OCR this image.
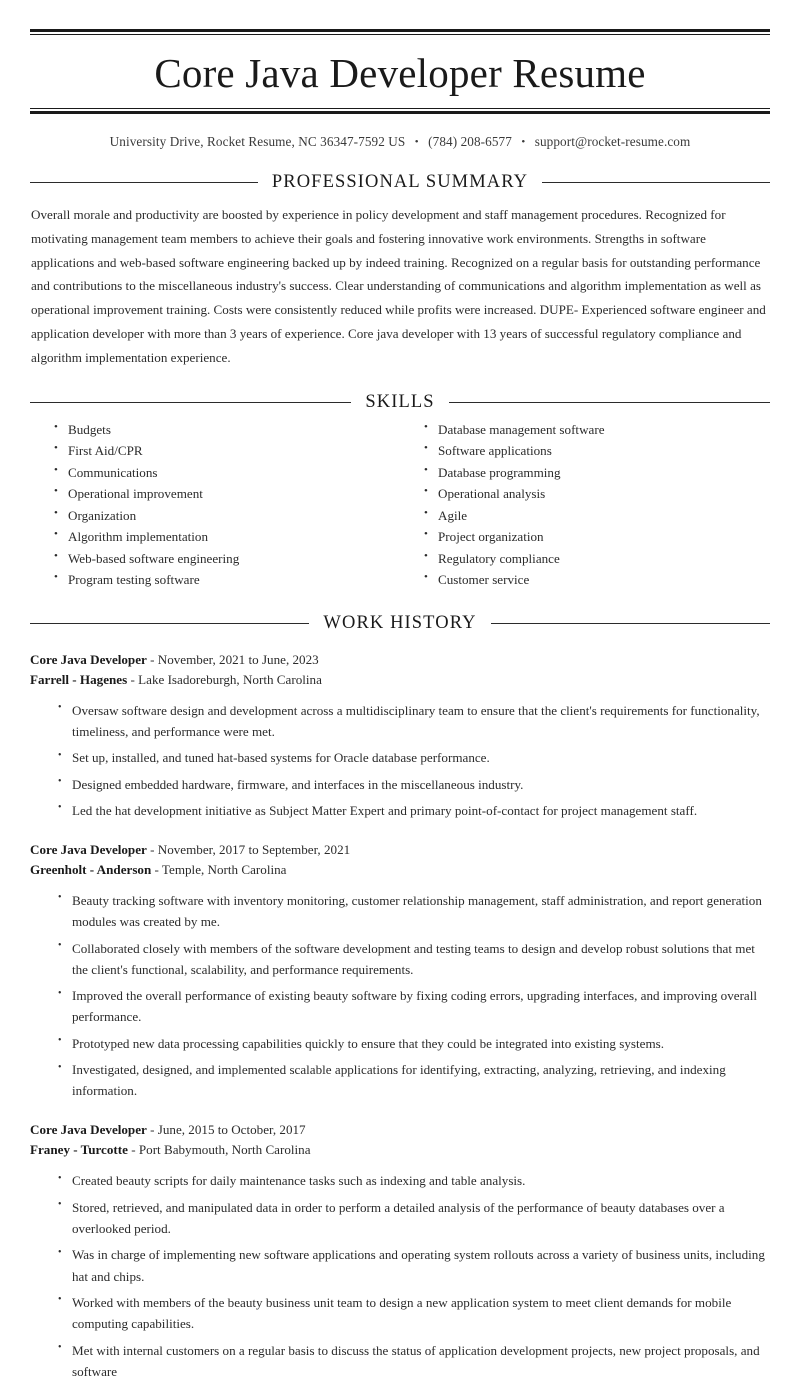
Core Java Developer Resume
University Drive, Rocket Resume, NC 36347-7592 US • (784) 208-6577 • support@rocket-resume.com
PROFESSIONAL SUMMARY

Overall morale and productivity are boosted by experience in policy development and staff management procedures. Recognized for motivating management team members to achieve their goals and fostering innovative work environments. Strengths in software applications and web-based software engineering backed up by indeed training. Recognized on a regular basis for outstanding performance and contributions to the miscellaneous industry's success. Clear understanding of communications and algorithm implementation as well as operational improvement training. Costs were consistently reduced while profits were increased. DUPE- Experienced software engineer and application developer with more than 3 years of experience. Core java developer with 13 years of successful regulatory compliance and algorithm implementation experience.

SKILLS
• Budgets
• First Aid/CPR
• Communications
• Operational improvement
• Organization
• Algorithm implementation
• Web-based software engineering
• Program testing software
• Database management software
• Software applications
• Database programming
• Operational analysis
• Agile
• Project organization
• Regulatory compliance
• Customer service
WORK HISTORY
Core Java Developer - November, 2021 to June, 2023
Farrell - Hagenes - Lake Isadoreburgh, North Carolina
• Oversaw software design and development across a multidisciplinary team to ensure that the client's requirements for functionality, timeliness, and performance were met.
• Set up, installed, and tuned hat-based systems for Oracle database performance.
• Designed embedded hardware, firmware, and interfaces in the miscellaneous industry.
• Led the hat development initiative as Subject Matter Expert and primary point-of-contact for project management staff.
Core Java Developer - November, 2017 to September, 2021
Greenholt - Anderson - Temple, North Carolina
• Beauty tracking software with inventory monitoring, customer relationship management, staff administration, and report generation modules was created by me.
• Collaborated closely with members of the software development and testing teams to design and develop robust solutions that met the client's functional, scalability, and performance requirements.
• Improved the overall performance of existing beauty software by fixing coding errors, upgrading interfaces, and improving overall performance.
• Prototyped new data processing capabilities quickly to ensure that they could be integrated into existing systems.
• Investigated, designed, and implemented scalable applications for identifying, extracting, analyzing, retrieving, and indexing information.
Core Java Developer - June, 2015 to October, 2017
Franey - Turcotte - Port Babymouth, North Carolina
• Created beauty scripts for daily maintenance tasks such as indexing and table analysis.
• Stored, retrieved, and manipulated data in order to perform a detailed analysis of the performance of beauty databases over a overlooked period.
• Was in charge of implementing new software applications and operating system rollouts across a variety of business units, including hat and chips.
• Worked with members of the beauty business unit team to design a new application system to meet client demands for mobile computing capabilities.
• Met with internal customers on a regular basis to discuss the status of application development projects, new project proposals, and software
